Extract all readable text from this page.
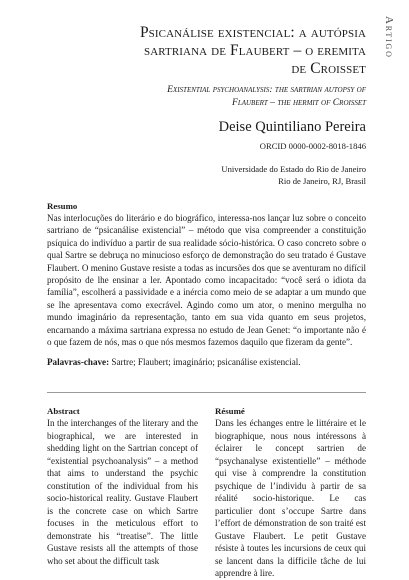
Artigo
Psicanálise existencial: a autópsia sartriana de Flaubert – o eremita de Croisset
Existential psychoanalysis: the sartrian autopsy of Flaubert – the hermit of Croisset
Deise Quintiliano Pereira
ORCID 0000-0002-8018-1846
Universidade do Estado do Rio de Janeiro
Rio de Janeiro, RJ, Brasil
Resumo

Nas interlocuções do literário e do biográfico, interessa-nos lançar luz sobre o conceito sartriano de “psicanálise existencial” – método que visa compreender a constituição psíquica do indivíduo a partir de sua realidade sócio-histórica. O caso concreto sobre o qual Sartre se debruça no minucioso esforço de demonstração do seu tratado é Gustave Flaubert. O menino Gustave resiste a todas as incursões dos que se aventuram no difícil propósito de lhe ensinar a ler. Apontado como incapacitado: “você será o idiota da família”, escolherá a passividade e a inércia como meio de se adaptar a um mundo que se lhe apresentava como execrável. Agindo como um ator, o menino mergulha no mundo imaginário da representação, tanto em sua vida quanto em seus projetos, encarnando a máxima sartriana expressa no estudo de Jean Genet: “o importante não é o que fazem de nós, mas o que nós mesmos fazemos daquilo que fizeram da gente”.

Palavras-chave: Sartre; Flaubert; imaginário; psicanálise existencial.
Abstract

In the interchanges of the literary and the biographical, we are interested in shedding light on the Sartrian concept of “existential psychoanalysis” – a method that aims to understand the psychic constitution of the individual from his socio-historical reality. Gustave Flaubert is the concrete case on which Sartre focuses in the meticulous effort to demonstrate his “treatise”. The little Gustave resists all the attempts of those who set about the difficult task

Résumé

Dans les échanges entre le littéraire et le biographique, nous nous intéressons à éclairer le concept sartrien de “psychanalyse existentielle” – méthode qui vise à comprendre la constitution psychique de l’individu à partir de sa réalité socio-historique. Le cas particulier dont s’occupe Sartre dans l’effort de démonstration de son traité est Gustave Flaubert. Le petit Gustave résiste à toutes les incursions de ceux qui se lancent dans la difficile tâche de lui apprendre à lire.
